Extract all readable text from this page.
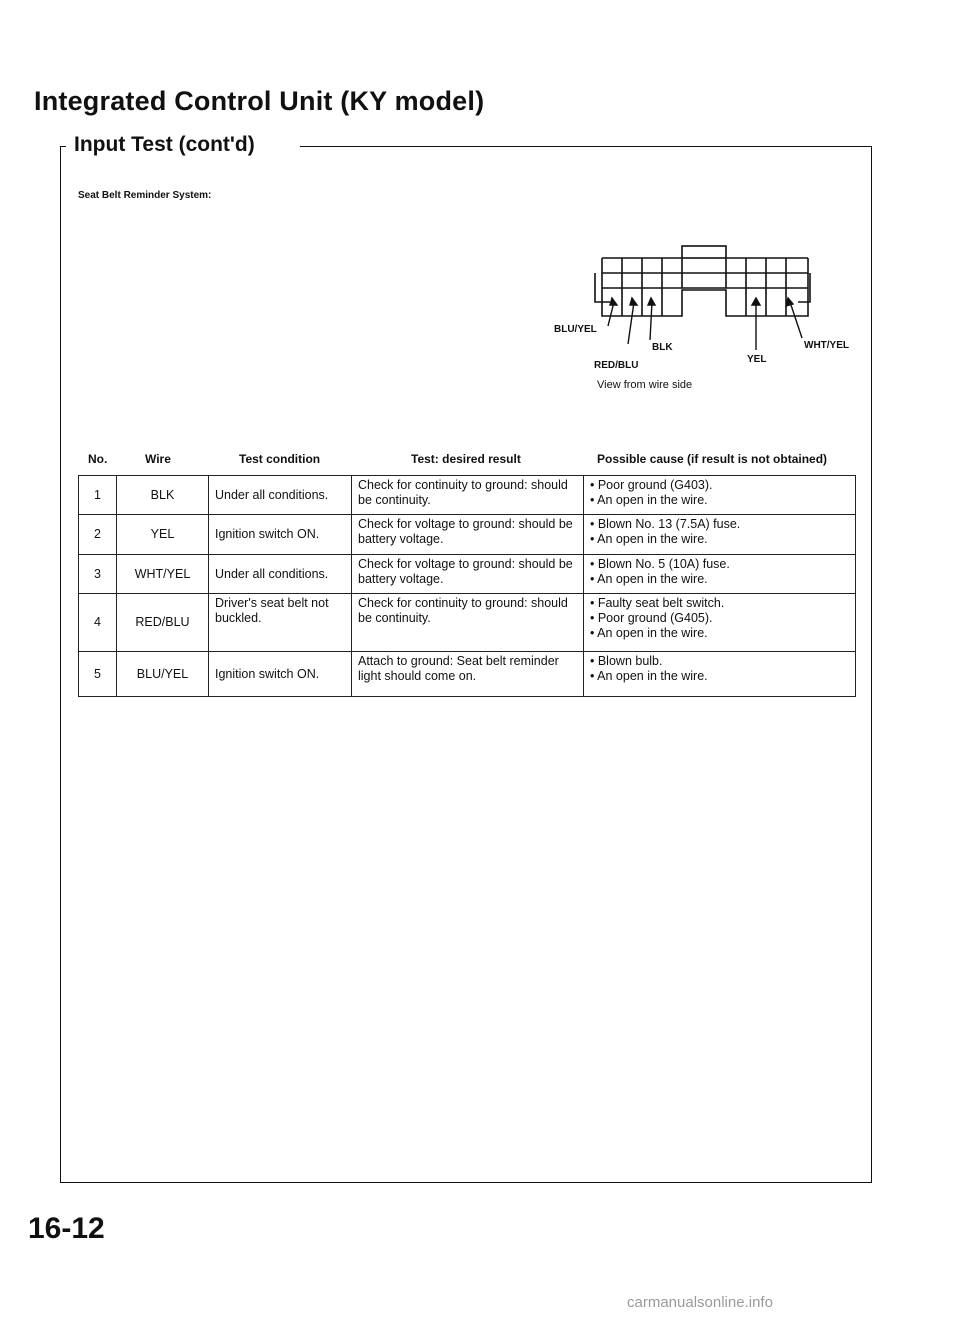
Integrated Control Unit (KY model)
Input Test (cont'd)
Seat Belt Reminder System:
BLU/YEL
RED/BLU
BLK
YEL
WHT/YEL
View from wire side
No.	Wire	Test condition	Test: desired result	Possible cause (if result is not obtained)
1	BLK	Under all conditions.	Check for continuity to ground: should be continuity.	• Poor ground (G403).
• An open in the wire.

2	YEL	Ignition switch ON.	Check for voltage to ground: should be battery voltage.	• Blown No. 13 (7.5A) fuse.
• An open in the wire.

3	WHT/YEL	Under all conditions.	Check for voltage to ground: should be battery voltage.	• Blown No. 5 (10A) fuse.
• An open in the wire.

4	RED/BLU	Driver's seat belt not buckled.	Check for continuity to ground: should be continuity.	• Faulty seat belt switch.
• Poor ground (G405).
• An open in the wire.

5	BLU/YEL	Ignition switch ON.	Attach to ground: Seat belt reminder light should come on.	• Blown bulb.
• An open in the wire.
16-12
carmanualsonline.info
